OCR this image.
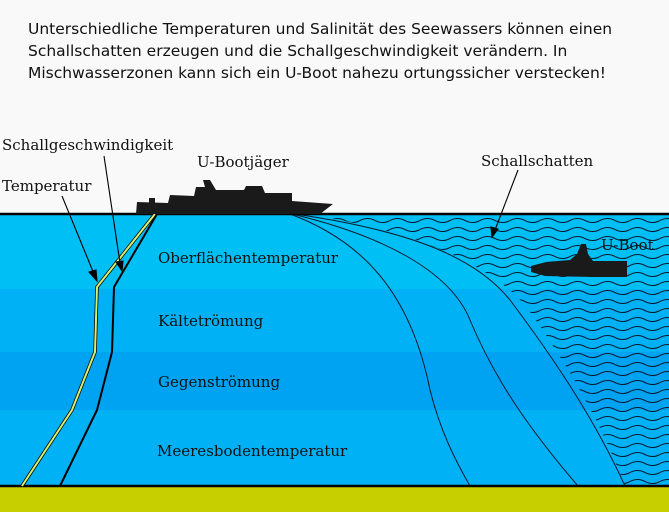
Unterschiedliche Temperaturen und Salinität des Seewassers können einen Schallschatten erzeugen und die Schallgeschwindigkeit verändern. In Mischwasserzonen kann sich ein U-Boot nahezu ortungssicher verstecken!

Oberflächentemperatur
Kältetrömung
Gegenströmung
Meeresbodentemperatur
Schallgeschwindigkeit
Temperatur
U-Bootjäger	Schallschatten
U-Boot
